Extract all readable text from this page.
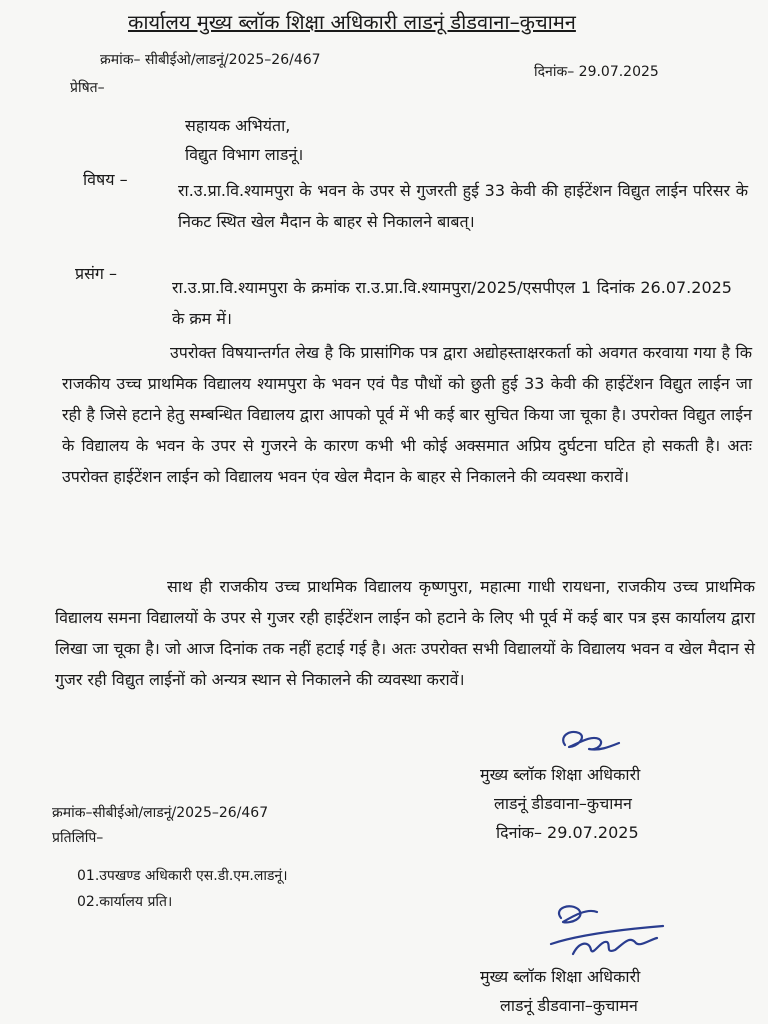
कार्यालय मुख्य ब्लॉक शिक्षा अधिकारी लाडनूं डीडवाना–कुचामन
क्रमांक– सीबीईओ/लाडनूं/2025–26/467
दिनांक– 29.07.2025
प्रेषित–
सहायक अभियंता,
विद्युत विभाग लाडनूं।
विषय –
रा.उ.प्रा.वि.श्यामपुरा के भवन के उपर से गुजरती हुई 33 केवी की हाईटेंशन विद्युत लाईन परिसर के निकट स्थित खेल मैदान के बाहर से निकालने बाबत्।
प्रसंग –
रा.उ.प्रा.वि.श्यामपुरा के क्रमांक रा.उ.प्रा.वि.श्यामपुरा/2025/एसपीएल 1 दिनांक 26.07.2025 के क्रम में।
उपरोक्त विषयान्तर्गत लेख है कि प्रासांगिक पत्र द्वारा अद्योहस्ताक्षरकर्ता को अवगत करवाया गया है कि राजकीय उच्च प्राथमिक विद्यालय श्यामपुरा के भवन एवं पैड पौधों को छुती हुई 33 केवी की हाईटेंशन विद्युत लाईन जा रही है जिसे हटाने हेतु सम्बन्धित विद्यालय द्वारा आपको पूर्व में भी कई बार सुचित किया जा चूका है। उपरोक्त विद्युत लाईन के विद्यालय के भवन के उपर से गुजरने के कारण कभी भी कोई अक्समात अप्रिय दुर्घटना घटित हो सकती है। अतः उपरोक्त हाईटेंशन लाईन को विद्यालय भवन एंव खेल मैदान के बाहर से निकालने की व्यवस्था करावें।
साथ ही राजकीय उच्च प्राथमिक विद्यालय कृष्णपुरा, महात्मा गाधी रायधना, राजकीय उच्च प्राथमिक विद्यालय समना विद्यालयों के उपर से गुजर रही हाईटेंशन लाईन को हटाने के लिए भी पूर्व में कई बार पत्र इस कार्यालय द्वारा लिखा जा चूका है। जो आज दिनांक तक नहीं हटाई गई है। अतः उपरोक्त सभी विद्यालयों के विद्यालय भवन व खेल मैदान से गुजर रही विद्युत लाईनों को अन्यत्र स्थान से निकालने की व्यवस्था करावें।
मुख्य ब्लॉक शिक्षा अधिकारी
लाडनूं डीडवाना–कुचामन
दिनांक– 29.07.2025
क्रमांक–सीबीईओ/लाडनूं/2025–26/467
प्रतिलिपि–
01.उपखण्ड अधिकारी एस.डी.एम.लाडनूं।
02.कार्यालय प्रति।
मुख्य ब्लॉक शिक्षा अधिकारी
लाडनूं डीडवाना–कुचामन
